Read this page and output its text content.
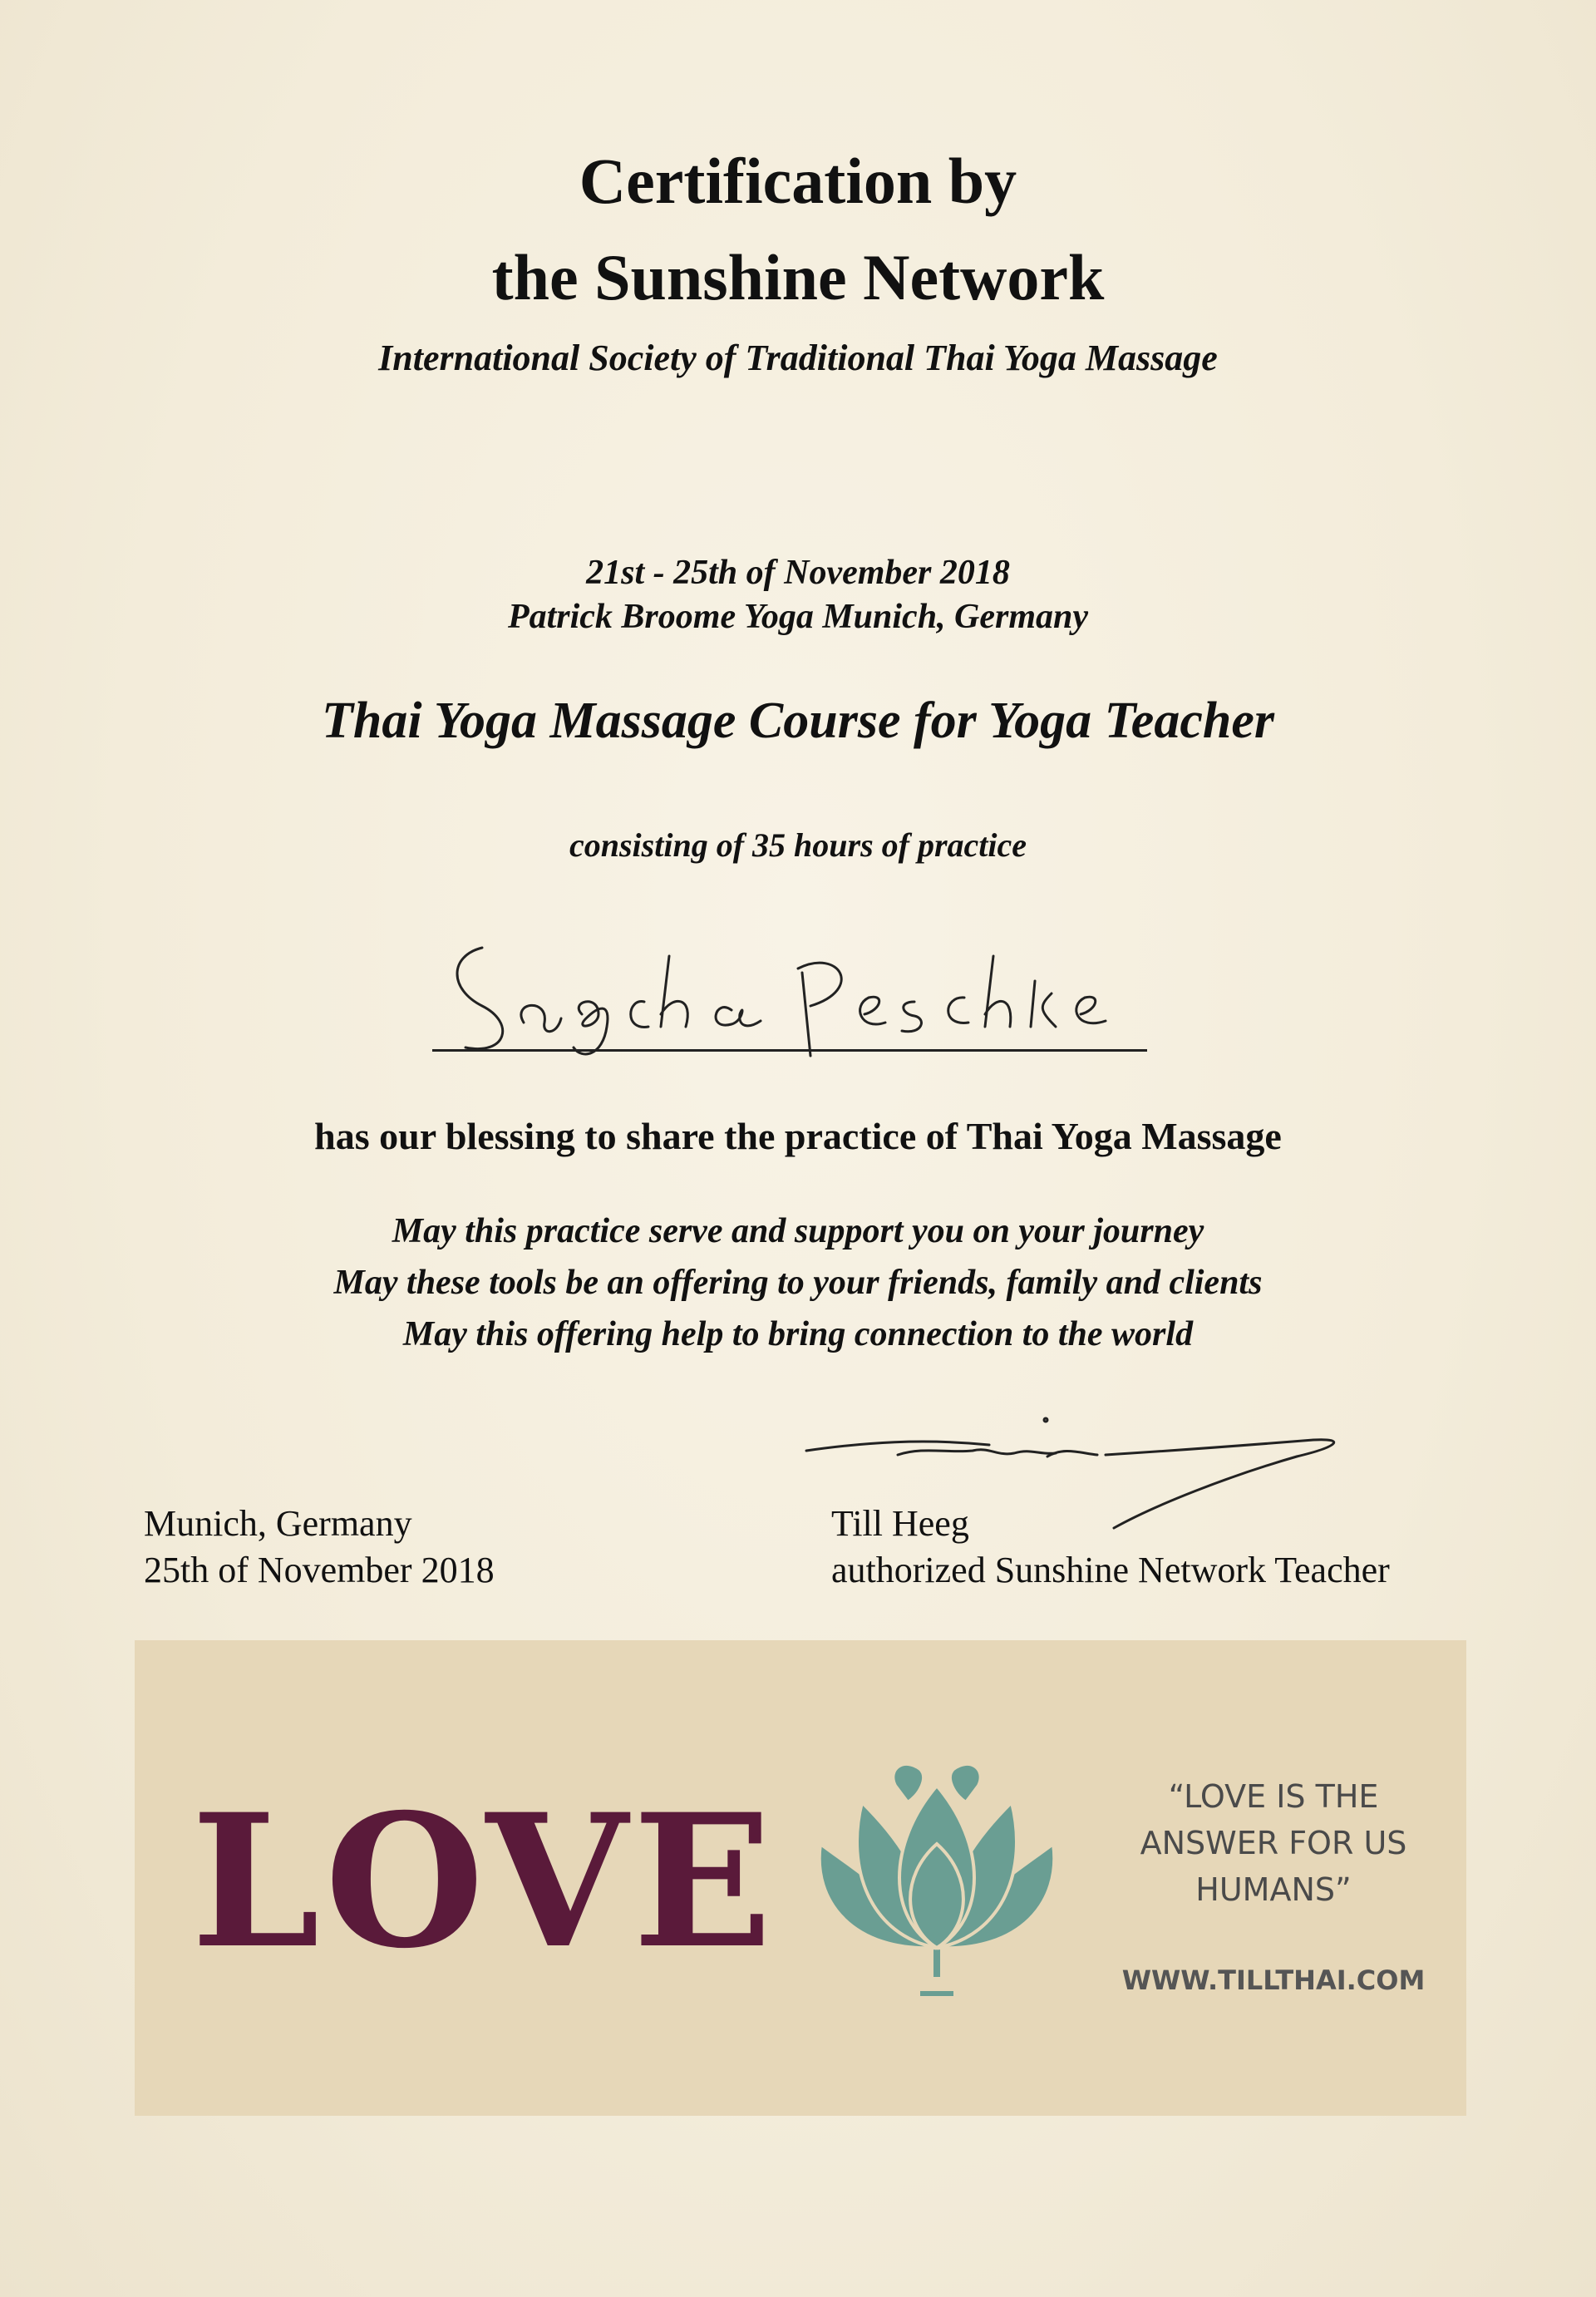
Certification by
the Sunshine Network
International Society of Traditional Thai Yoga Massage
21st - 25th of November 2018
Patrick Broome Yoga Munich, Germany
Thai Yoga Massage Course for Yoga Teacher
consisting of 35 hours of practice
has our blessing to share the practice of Thai Yoga Massage
May this practice serve and support you on your journey
May these tools be an offering to your friends, family and clients
May this offering help to bring connection to the world
Munich, Germany
25th of November 2018
Till Heeg
authorized Sunshine Network Teacher
LOVE	“LOVE IS THE
ANSWER FOR US
HUMANS”
WWW.TILLTHAI.COM
